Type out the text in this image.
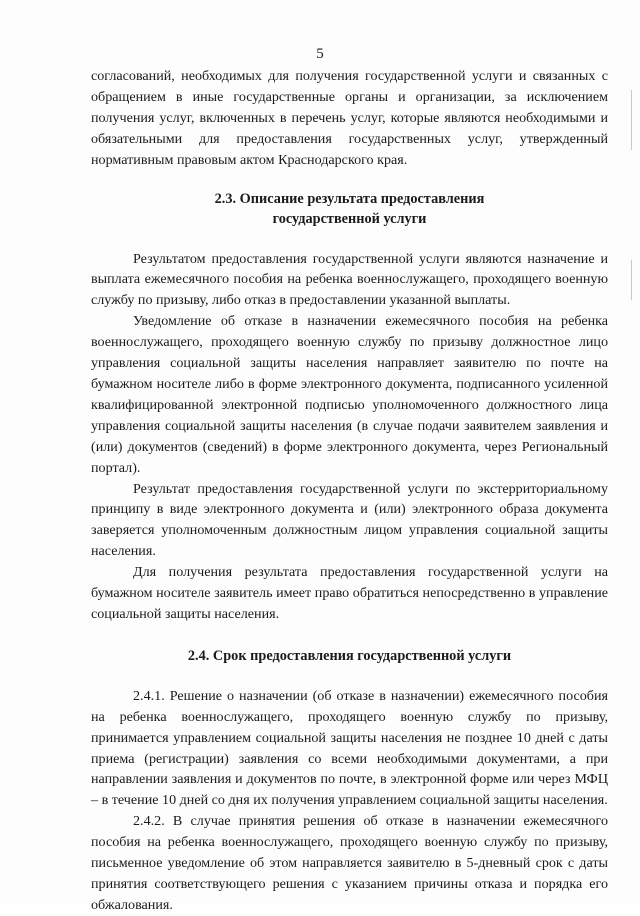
5

согласований, необходимых для получения государственной услуги и связанных с обращением в иные государственные органы и организации, за исключением получения услуг, включенных в перечень услуг, которые являются необходимыми и обязательными для предоставления государственных услуг, утвержденный нормативным правовым актом Краснодарского края.

2.3. Описание результата предоставления
государственной услуги

Результатом предоставления государственной услуги являются назначение и выплата ежемесячного пособия на ребенка военнослужащего, проходящего военную службу по призыву, либо отказ в предоставлении указанной выплаты.

Уведомление об отказе в назначении ежемесячного пособия на ребенка военнослужащего, проходящего военную службу по призыву должностное лицо управления социальной защиты населения направляет заявителю по почте на бумажном носителе либо в форме электронного документа, подписанного усиленной квалифицированной электронной подписью уполномоченного должностного лица управления социальной защиты населения (в случае подачи заявителем заявления и (или) документов (сведений) в форме электронного документа, через Региональный портал).

Результат предоставления государственной услуги по экстерриториальному принципу в виде электронного документа и (или) электронного образа документа заверяется уполномоченным должностным лицом управления социальной защиты населения.

Для получения результата предоставления государственной услуги на бумажном носителе заявитель имеет право обратиться непосредственно в управление социальной защиты населения.

2.4. Срок предоставления государственной услуги

2.4.1. Решение о назначении (об отказе в назначении) ежемесячного пособия на ребенка военнослужащего, проходящего военную службу по призыву, принимается управлением социальной защиты населения не позднее 10 дней с даты приема (регистрации) заявления со всеми необходимыми документами, а при направлении заявления и документов по почте, в электронной форме или через МФЦ – в течение 10 дней со дня их получения управлением социальной защиты населения.

2.4.2. В случае принятия решения об отказе в назначении ежемесячного пособия на ребенка военнослужащего, проходящего военную службу по призыву, письменное уведомление об этом направляется заявителю в 5-дневный срок с даты принятия соответствующего решения с указанием причины отказа и порядка его обжалования.
